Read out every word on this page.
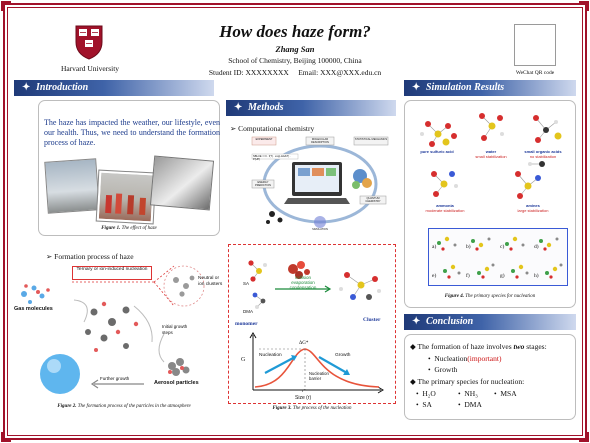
Harvard University
How does haze form?
Zhang San
School of Chemistry, Beijing 100000, China
Student ID: XXXXXXXX Email: XXX@XXX.edu.cn	WeChat QR code
✦ Introduction
The haze has impacted the weather, our lifestyle, even our health. Thus, we need to understand the formation process of haze.
Figure 1. The effect of haze
✦ Methods
➢ Computational chemistry
MOLECULAR DESCRIPTION
STATISTICAL MECHANICS
QUANTUM CHEMISTRY
EXPERIMENT
ENERGY PREDICTION
SIMULATION
NBLUE = N · f(T) · exp(-ΔG/kT) · P(UP)
✦ Simulation Results
pure sulfuric acid	water
small stabilization
small organic acids
no stabilization
ammonia
moderate stabilization
amines
large stabilization
a)	b)	c)	d)
e)	f)	g)	h)
Figure 4. The primary species for nucleation
➢ Formation process of haze
Ternary or ion-induced nucleation
Neutral or ion clusters
Gas molecules
Initial growth steps
Further growth
Aerosol particles
Figure 2. The formation process of the particles in the atmosphere
SA
DMA
collision
evaporation
condensation
monomer
Cluster
G
ΔG*
Nucleation	Growth
Nucleation barrier
r*
Size (r)
Figure 3. The process of the nucleation
✦ Conclusion
◆ The formation of haze involves two stages:
•  Nucleation(important)
•  Growth
◆ The primary species for nucleation:
•  H₂O	•  NH₃ •  MSA
•  SA	•  DMA
